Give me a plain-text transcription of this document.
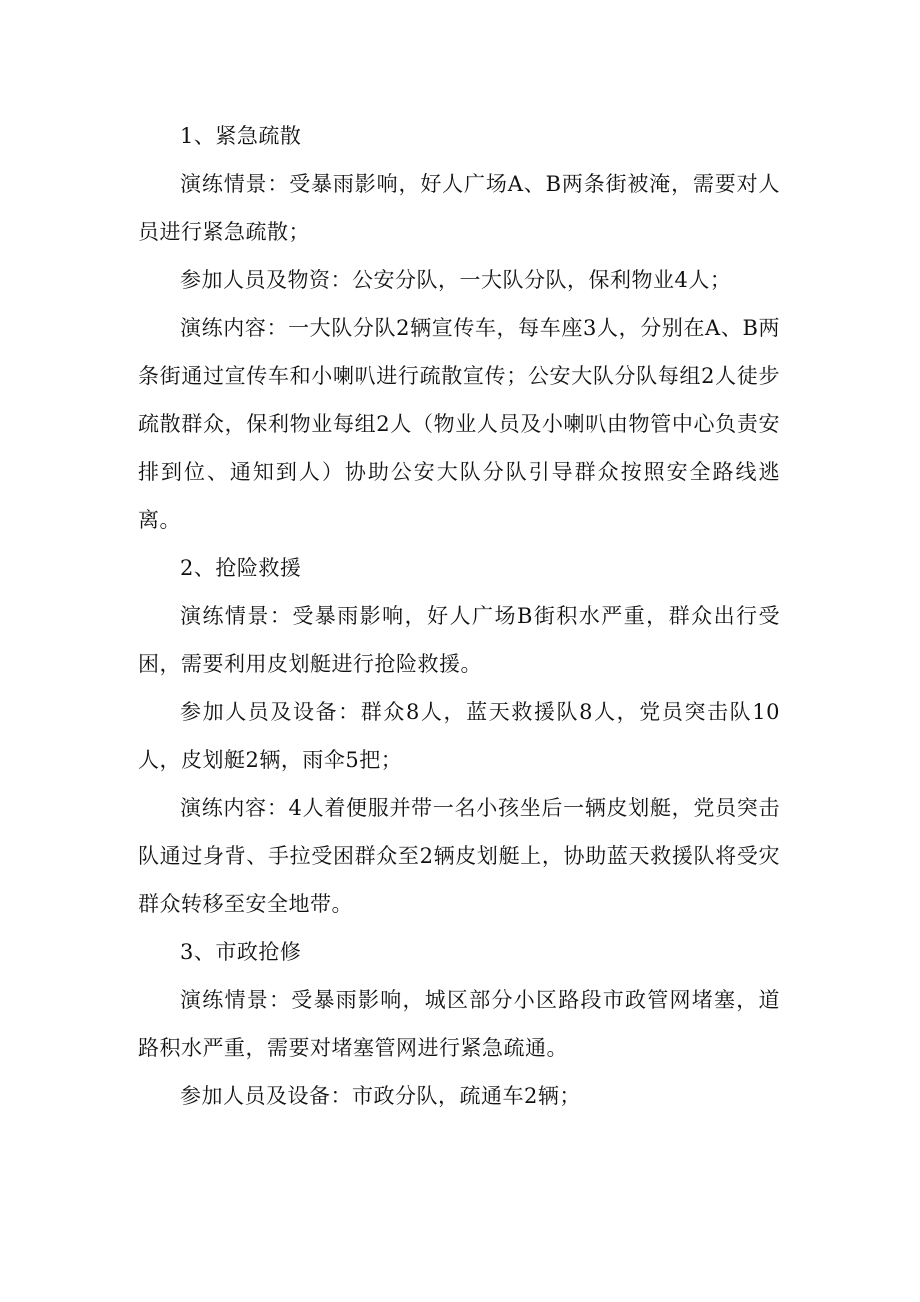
1、紧急疏散

演练情景：受暴雨影响，好人广场A、B两条街被淹，需要对人员进行紧急疏散；

参加人员及物资：公安分队，一大队分队，保利物业4人；

演练内容：一大队分队2辆宣传车，每车座3人，分别在A、B两条街通过宣传车和小喇叭进行疏散宣传；公安大队分队每组2人徒步疏散群众，保利物业每组2人（物业人员及小喇叭由物管中心负责安排到位、通知到人）协助公安大队分队引导群众按照安全路线逃离。

2、抢险救援

演练情景：受暴雨影响，好人广场B街积水严重，群众出行受困，需要利用皮划艇进行抢险救援。

参加人员及设备：群众8人，蓝天救援队8人，党员突击队10人，皮划艇2辆，雨伞5把；

演练内容：4人着便服并带一名小孩坐后一辆皮划艇，党员突击队通过身背、手拉受困群众至2辆皮划艇上，协助蓝天救援队将受灾群众转移至安全地带。

3、市政抢修

演练情景：受暴雨影响，城区部分小区路段市政管网堵塞，道路积水严重，需要对堵塞管网进行紧急疏通。

参加人员及设备：市政分队，疏通车2辆；
